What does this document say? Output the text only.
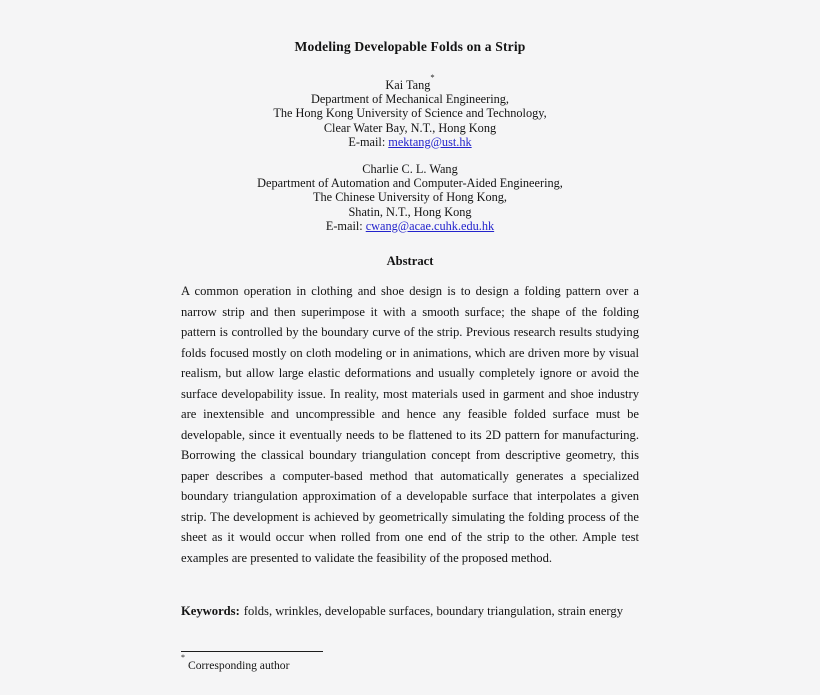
Modeling Developable Folds on a Strip
Kai Tang*
Department of Mechanical Engineering,
The Hong Kong University of Science and Technology,
Clear Water Bay, N.T., Hong Kong
E-mail: mektang@ust.hk
Charlie C. L. Wang
Department of Automation and Computer-Aided Engineering,
The Chinese University of Hong Kong,
Shatin, N.T., Hong Kong
E-mail: cwang@acae.cuhk.edu.hk
Abstract
A common operation in clothing and shoe design is to design a folding pattern over a narrow strip and then superimpose it with a smooth surface; the shape of the folding pattern is controlled by the boundary curve of the strip. Previous research results studying folds focused mostly on cloth modeling or in animations, which are driven more by visual realism, but allow large elastic deformations and usually completely ignore or avoid the surface developability issue. In reality, most materials used in garment and shoe industry are inextensible and uncompressible and hence any feasible folded surface must be developable, since it eventually needs to be flattened to its 2D pattern for manufacturing. Borrowing the classical boundary triangulation concept from descriptive geometry, this paper describes a computer-based method that automatically generates a specialized boundary triangulation approximation of a developable surface that interpolates a given strip. The development is achieved by geometrically simulating the folding process of the sheet as it would occur when rolled from one end of the strip to the other. Ample test examples are presented to validate the feasibility of the proposed method.
Keywords: folds, wrinkles, developable surfaces, boundary triangulation, strain energy
*Corresponding author
